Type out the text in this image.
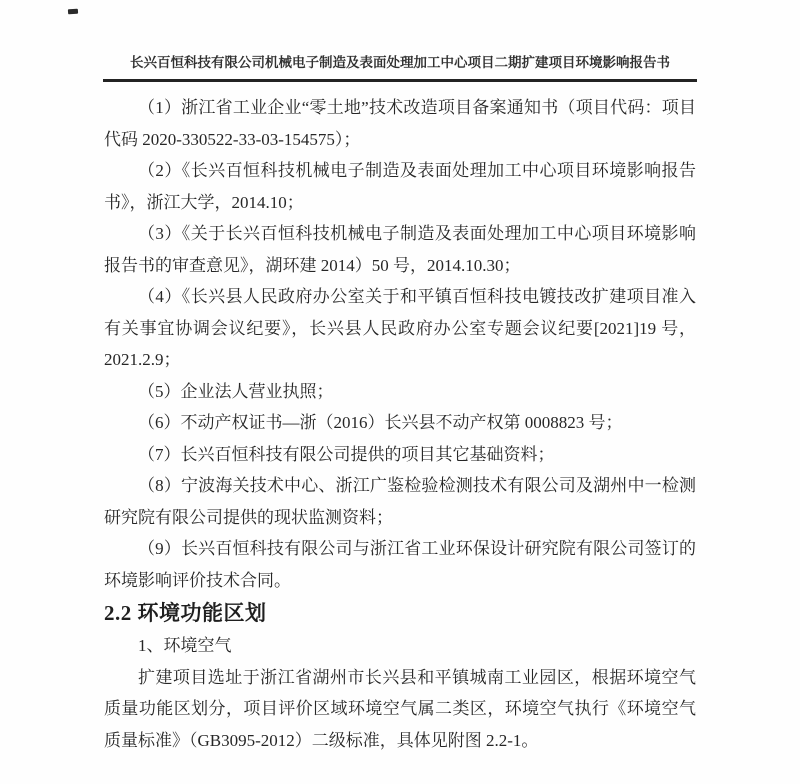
长兴百恒科技有限公司机械电子制造及表面处理加工中心项目二期扩建项目环境影响报告书

（1）浙江省工业企业“零土地”技术改造项目备案通知书（项目代码：项目代码 2020-330522-33-03-154575）；

（2）《长兴百恒科技机械电子制造及表面处理加工中心项目环境影响报告书》，浙江大学，2014.10；

（3）《关于长兴百恒科技机械电子制造及表面处理加工中心项目环境影响报告书的审查意见》，湖环建 2014）50 号，2014.10.30；

（4）《长兴县人民政府办公室关于和平镇百恒科技电镀技改扩建项目准入有关事宜协调会议纪要》，长兴县人民政府办公室专题会议纪要[2021]19 号，2021.2.9；

（5）企业法人营业执照；

（6）不动产权证书—浙（2016）长兴县不动产权第 0008823 号；

（7）长兴百恒科技有限公司提供的项目其它基础资料；

（8）宁波海关技术中心、浙江广鉴检验检测技术有限公司及湖州中一检测研究院有限公司提供的现状监测资料；

（9）长兴百恒科技有限公司与浙江省工业环保设计研究院有限公司签订的环境影响评价技术合同。

2.2 环境功能区划

1、环境空气

扩建项目选址于浙江省湖州市长兴县和平镇城南工业园区，根据环境空气质量功能区划分，项目评价区域环境空气属二类区，环境空气执行《环境空气质量标准》（GB3095-2012）二级标准，具体见附图 2.2-1。
